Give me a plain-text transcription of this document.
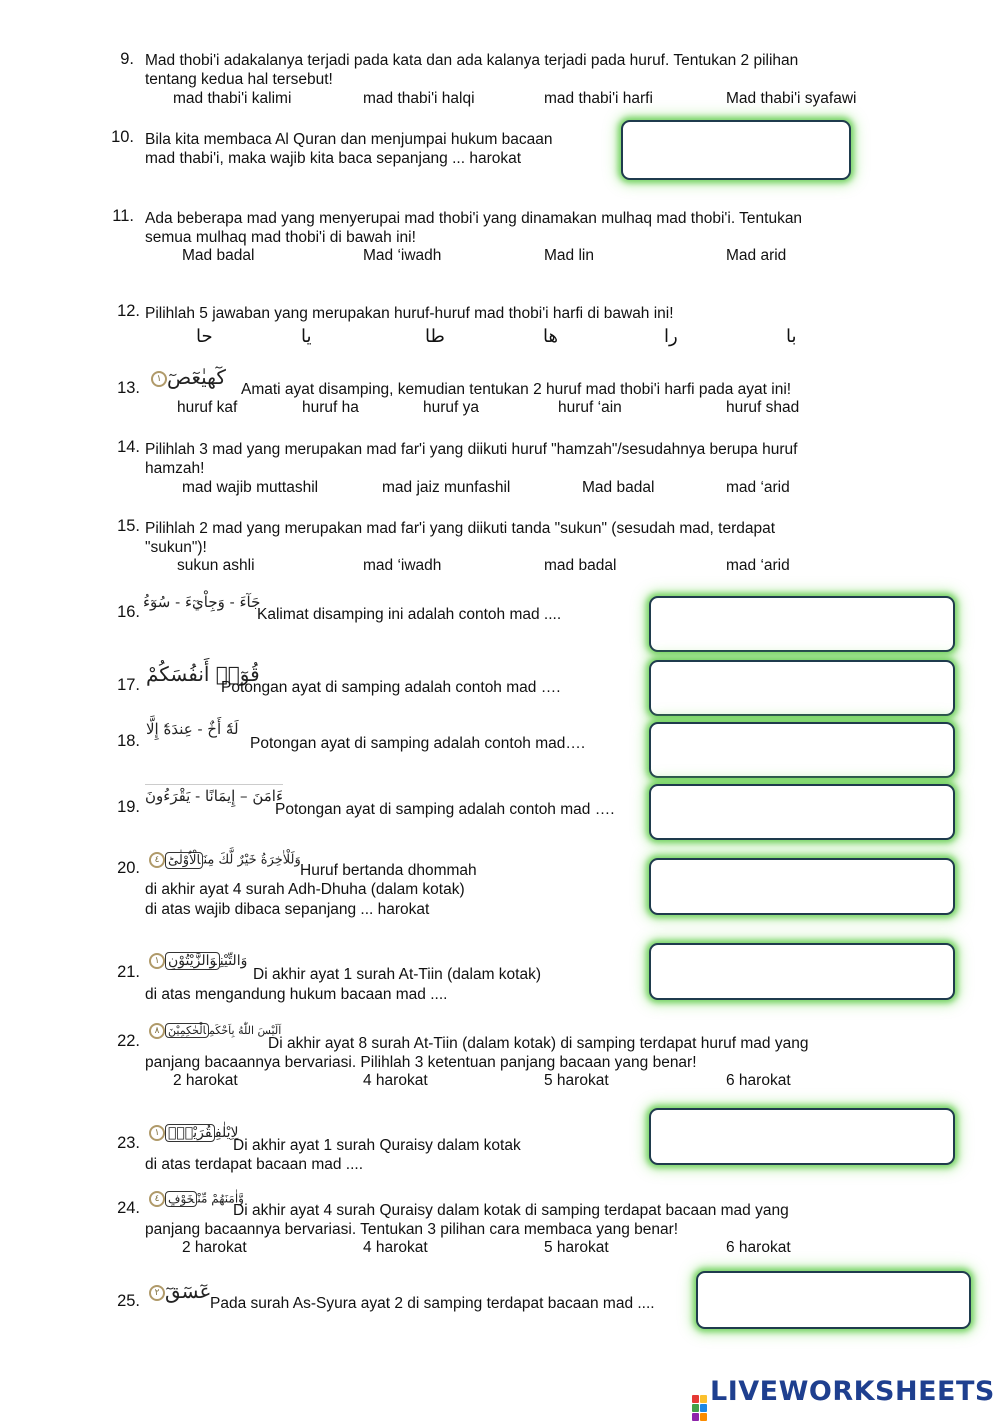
9. Mad thobi'i adakalanya terjadi pada kata dan ada kalanya terjadi pada huruf. Tentukan 2 pilihan
tentang kedua hal tersebut!
mad thabi'i kalimi	mad thabi'i halqi	mad thabi'i harfi	Mad thabi'i syafawi
10. Bila kita membaca Al Quran dan menjumpai hukum bacaan
mad thabi'i, maka wajib kita baca sepanjang ... harokat
11. Ada beberapa mad yang menyerupai mad thobi'i yang dinamakan mulhaq mad thobi'i. Tentukan
semua mulhaq mad thobi'i di bawah ini!
Mad badal	Mad ‘iwadh	Mad lin	Mad arid
12. Pilihlah 5 jawaban yang merupakan huruf-huruf mad thobi'i harfi di bawah ini!
حا	يا	طا	ها	را	با
13.	كٓهيٰعٓصٓ١
Amati ayat disamping, kemudian tentukan 2 huruf mad thobi'i harfi pada ayat ini!
huruf kaf	huruf ha	huruf ya	huruf ‘ain	huruf shad
14. Pilihlah 3 mad yang merupakan mad far'i yang diikuti huruf "hamzah"/sesudahnya berupa huruf
hamzah!
mad wajib muttashil	mad jaiz munfashil	Mad badal	mad ‘arid
15. Pilihlah 2 mad yang merupakan mad far'i yang diikuti tanda "sukun" (sesudah mad, terdapat
"sukun")!
sukun ashli	mad ‘iwadh	mad badal	mad ‘arid
16.
جَآءَ - وَجِاْيٓءَ - سُوٓءُ
Kalimat disamping ini adalah contoh mad ....
17. قُوٓا۟ أَنفُسَكُمْ
Potongan ayat di samping adalah contoh mad ….
18.
لَهٗٓ أَخٌ - عِندَهٗٓ إِلَّا
Potongan ayat di samping adalah contoh mad….
19.
ءَامَنَ – إِيمَانًا - يَقْرَءُونَ
Potongan ayat di samping adalah contoh mad ….
20.	وَلَلْاٰخِرَةُ خَيْرٌ لَّكَ مِنَالْاُوْلٰىؕ٤
Huruf bertanda dhommah
di akhir ayat 4 surah Adh-Dhuha (dalam kotak)
di atas wajib dibaca sepanjang ... harokat
21.
وَالتِّيْنِوَالزَّيْتُوْنِ١
Di akhir ayat 1 surah At-Tiin (dalam kotak)
di atas mengandung hukum bacaan mad ....
22.
اَلَيْسَ اللّٰهُ بِاَحْكَمِالْحٰكِمِيْنَ٨
Di akhir ayat 8 surah At-Tiin (dalam kotak) di samping terdapat huruf mad yang
panjang bacaannya bervariasi. Pilihlah 3 ketentuan panjang bacaan yang benar!
2 harokat	4 harokat	5 harokat	6 harokat
23.
لِاِيْلٰفِقُرَيْشٍۙ١
Di akhir ayat 1 surah Quraisy dalam kotak
di atas terdapat bacaan mad ....
24.
وَّاٰمَنَهُمْ مِّنْخَوْفٍ٤
Di akhir ayat 4 surah Quraisy dalam kotak di samping terdapat bacaan mad yang
panjang bacaannya bervariasi. Tentukan 3 pilihan cara membaca yang benar!
2 harokat	4 harokat	5 harokat	6 harokat
25.	عٓسٓقٓ٢
Pada surah As-Syura ayat 2 di samping terdapat bacaan mad ....
LIVEWORKSHEETS
